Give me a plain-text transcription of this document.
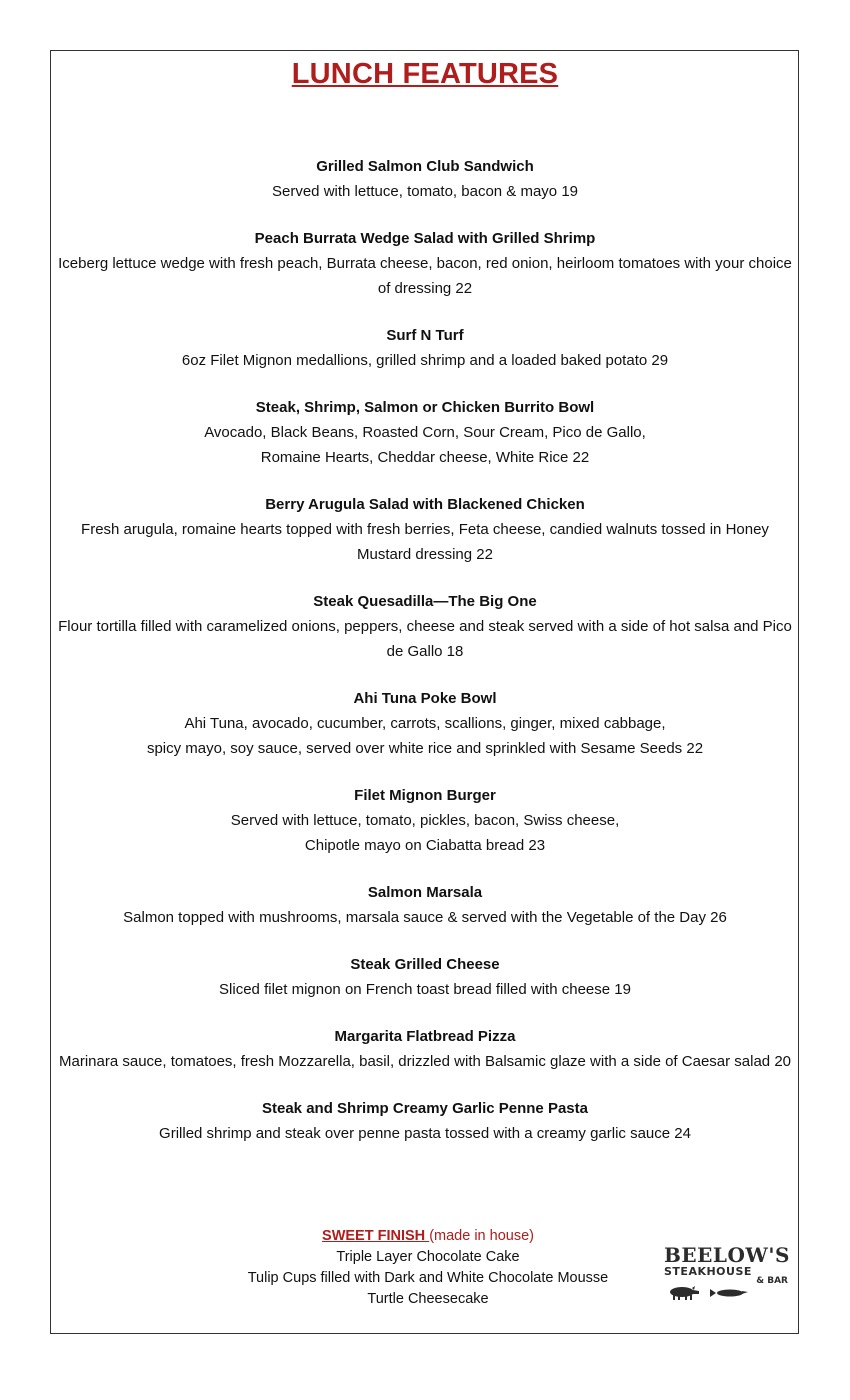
LUNCH FEATURES
Grilled Salmon Club Sandwich
Served with lettuce, tomato, bacon & mayo 19
Peach Burrata Wedge Salad with Grilled Shrimp
Iceberg lettuce wedge with fresh peach, Burrata cheese, bacon, red onion, heirloom tomatoes with your choice of dressing 22
Surf N Turf
6oz Filet Mignon medallions, grilled shrimp and a loaded baked potato 29
Steak, Shrimp, Salmon or Chicken Burrito Bowl
Avocado, Black Beans, Roasted Corn, Sour Cream, Pico de Gallo,
Romaine Hearts, Cheddar cheese, White Rice 22
Berry Arugula Salad with Blackened Chicken
Fresh arugula, romaine hearts topped with fresh berries, Feta cheese, candied walnuts tossed in Honey Mustard dressing 22
Steak Quesadilla—The Big One
Flour tortilla filled with caramelized onions, peppers, cheese and steak served with a side of hot salsa and Pico de Gallo 18
Ahi Tuna Poke Bowl
Ahi Tuna, avocado, cucumber, carrots, scallions, ginger, mixed cabbage,
spicy mayo, soy sauce, served over white rice and sprinkled with Sesame Seeds 22
Filet Mignon Burger
Served with lettuce, tomato, pickles, bacon, Swiss cheese,
Chipotle mayo on Ciabatta bread 23
Salmon Marsala
Salmon topped with mushrooms, marsala sauce & served with the Vegetable of the Day 26
Steak Grilled Cheese
Sliced filet mignon on French toast bread filled with cheese 19
Margarita Flatbread Pizza
Marinara sauce, tomatoes, fresh Mozzarella, basil, drizzled with Balsamic glaze with a side of Caesar salad 20
Steak and Shrimp Creamy Garlic Penne Pasta
Grilled shrimp and steak over penne pasta tossed with a creamy garlic sauce 24
SWEET FINISH (made in house)
Triple Layer Chocolate Cake
Tulip Cups filled with Dark and White Chocolate Mousse
Turtle Cheesecake
BEELOW'S
STEAKHOUSE
& BAR
